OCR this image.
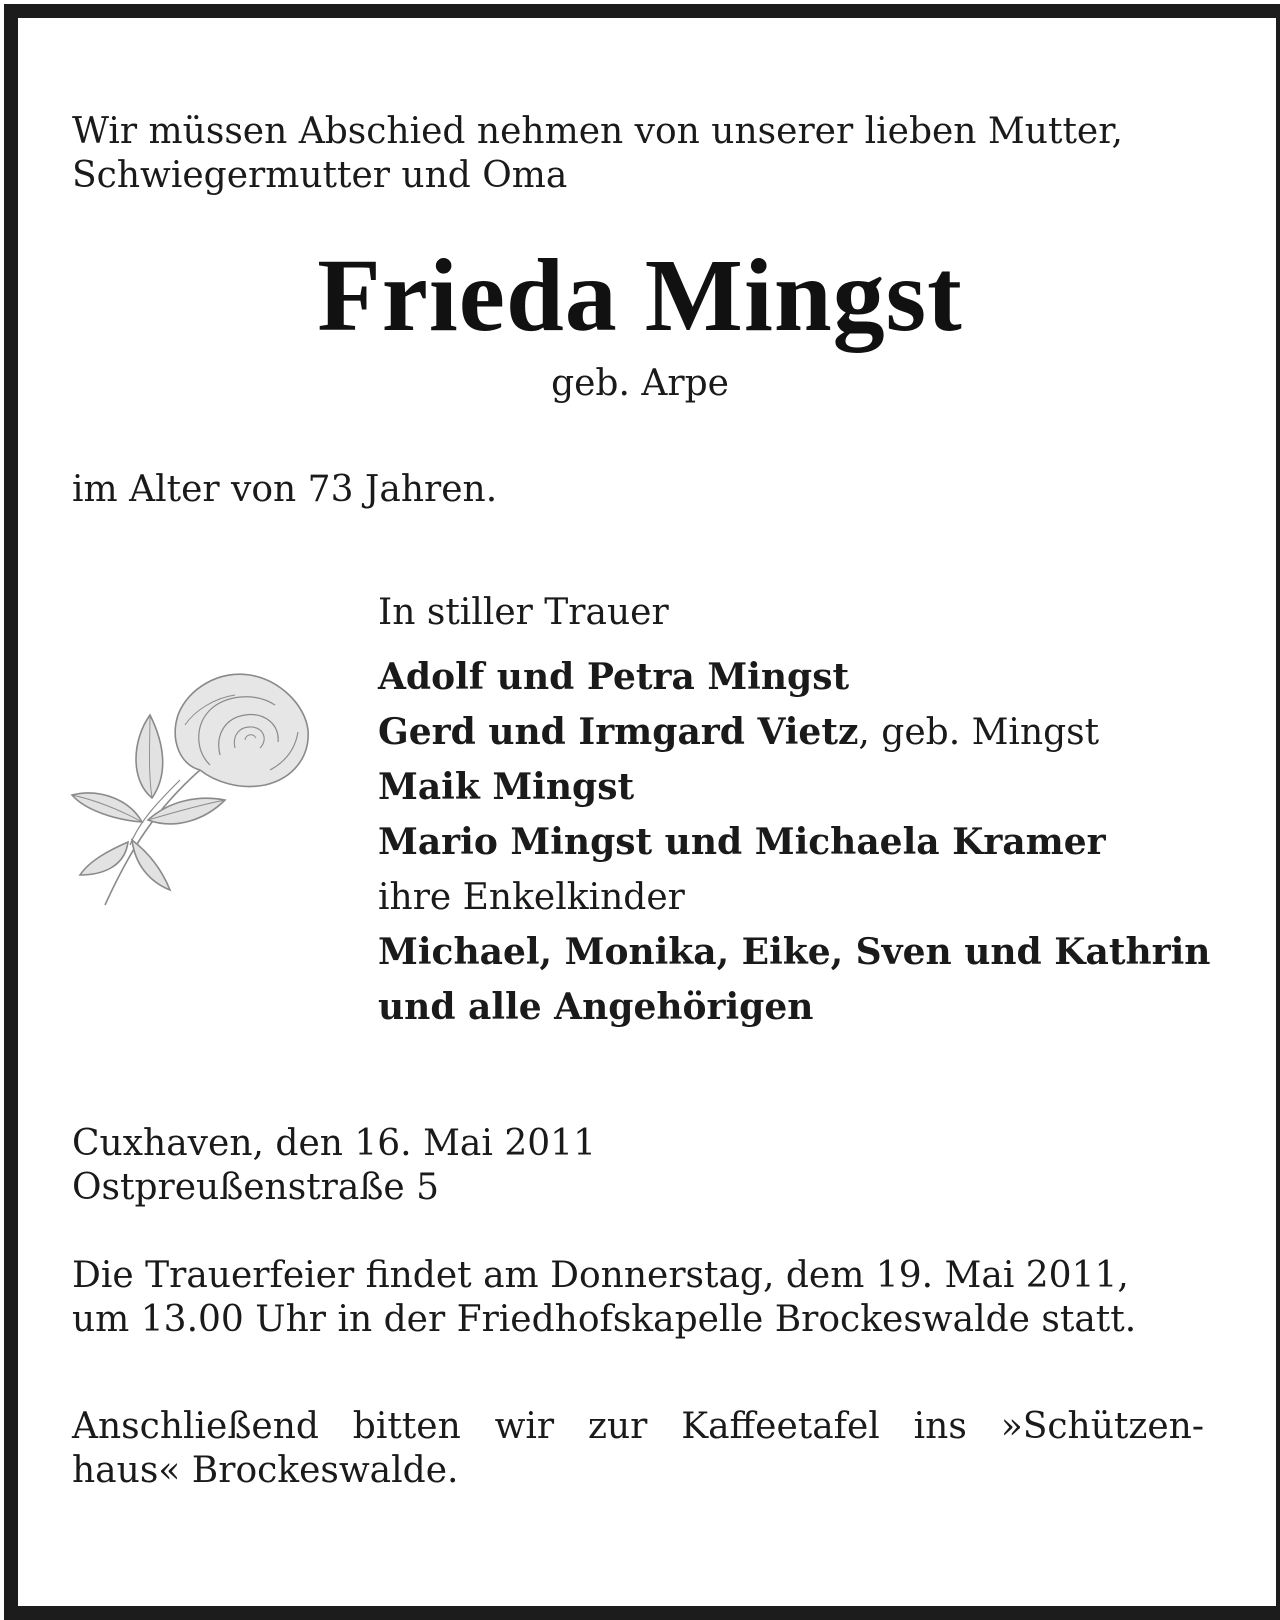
Wir müssen Abschied nehmen von unserer lieben Mutter,
Schwiegermutter und Oma
Frieda Mingst
geb. Arpe
im Alter von 73 Jahren.
In stiller Trauer
Adolf und Petra Mingst
Gerd und Irmgard Vietz, geb. Mingst
Maik Mingst
Mario Mingst und Michaela Kramer
ihre Enkelkinder
Michael, Monika, Eike, Sven und Kathrin
und alle Angehörigen
Cuxhaven, den 16. Mai 2011
Ostpreußenstraße 5
Die Trauerfeier findet am Donnerstag, dem 19. Mai 2011,
um 13.00 Uhr in der Friedhofskapelle Brockeswalde statt.
Anschließend bitten wir zur Kaffeetafel ins »Schützen-
haus« Brockeswalde.
